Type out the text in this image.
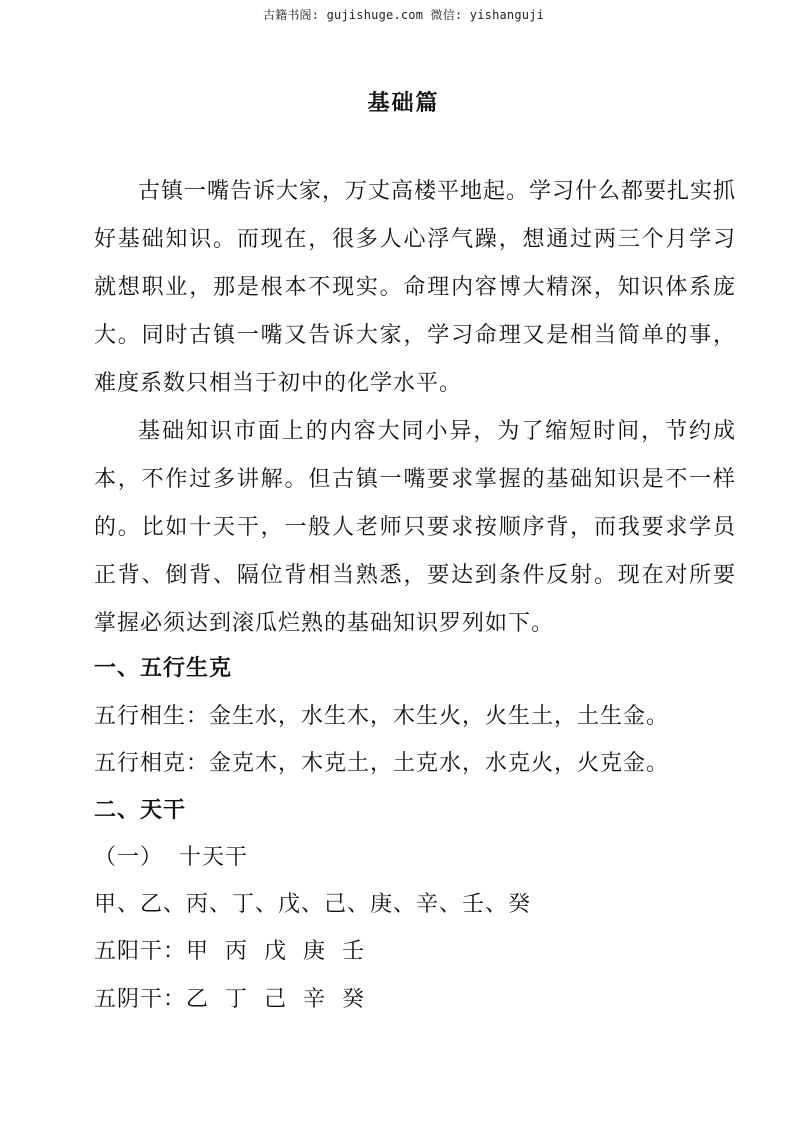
古籍书阁: gujishuge.com 微信: yishanguji
基础篇

古镇一嘴告诉大家，万丈高楼平地起。学习什么都要扎实抓好基础知识。而现在，很多人心浮气躁，想通过两三个月学习就想职业，那是根本不现实。命理内容博大精深，知识体系庞大。同时古镇一嘴又告诉大家，学习命理又是相当简单的事，难度系数只相当于初中的化学水平。

基础知识市面上的内容大同小异，为了缩短时间，节约成本，不作过多讲解。但古镇一嘴要求掌握的基础知识是不一样的。比如十天干，一般人老师只要求按顺序背，而我要求学员正背、倒背、隔位背相当熟悉，要达到条件反射。现在对所要掌握必须达到滚瓜烂熟的基础知识罗列如下。

一、五行生克
五行相生：金生水，水生木，木生火，火生土，土生金。
五行相克：金克木，木克土，土克水，水克火，火克金。
二、天干
（一）  十天干
甲、乙、丙、丁、戊、己、庚、辛、壬、癸
五阳干：甲  丙  戊  庚  壬
五阴干：乙  丁  己  辛  癸
